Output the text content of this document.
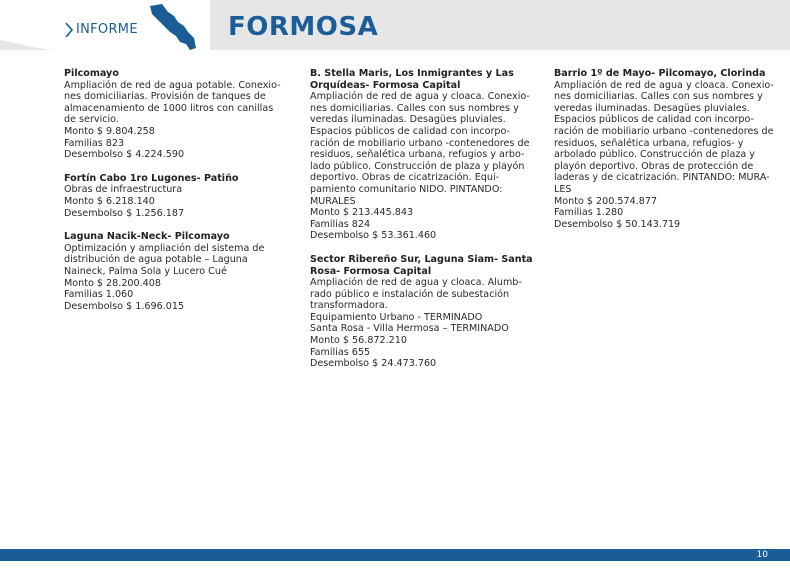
INFORME	FORMOSA
Pilcomayo
Ampliación de red de agua potable. Conexio-
nes domiciliarias. Provisión de tanques de
almacenamiento de 1000 litros con canillas
de servicio.
Monto $ 9.804.258
Familias 823
Desembolso $ 4.224.590
Fortín Cabo 1ro Lugones- Patiño
Obras de infraestructura
Monto $ 6.218.140
Desembolso $ 1.256.187
Laguna Nacik-Neck- Pilcomayo
Optimización y ampliación del sistema de
distribución de agua potable – Laguna
Naineck, Palma Sola y Lucero Cué
Monto $ 28.200.408
Familias 1.060
Desembolso $ 1.696.015
B. Stella Maris, Los Inmigrantes y Las
Orquídeas- Formosa Capital
Ampliación de red de agua y cloaca. Conexio-
nes domiciliarias. Calles con sus nombres y
veredas iluminadas. Desagües pluviales.
Espacios públicos de calidad con incorpo-
ración de mobiliario urbano -contenedores de
residuos, señalética urbana, refugios y arbo-
lado público. Construcción de plaza y playón
deportivo. Obras de cicatrización. Equi-
pamiento comunitario NIDO. PINTANDO:
MURALES
Monto $ 213.445.843
Familias 824
Desembolso $ 53.361.460
Sector Ribereño Sur, Laguna Siam- Santa
Rosa- Formosa Capital
Ampliación de red de agua y cloaca. Alumb-
rado público e instalación de subestación
transformadora.
Equipamiento Urbano - TERMINADO
Santa Rosa - Villa Hermosa – TERMINADO
Monto $ 56.872.210
Familias 655
Desembolso $ 24.473.760
Barrio 1º de Mayo- Pilcomayo, Clorinda
Ampliación de red de agua y cloaca. Conexio-
nes domiciliarias. Calles con sus nombres y
veredas iluminadas. Desagües pluviales.
Espacios públicos de calidad con incorpo-
ración de mobiliario urbano -contenedores de
residuos, señalética urbana, refugios- y
arbolado público. Construcción de plaza y
playón deportivo. Obras de protección de
laderas y de cicatrización. PINTANDO: MURA-
LES
Monto $ 200.574.877
Familias 1.280
Desembolso $ 50.143.719
10
